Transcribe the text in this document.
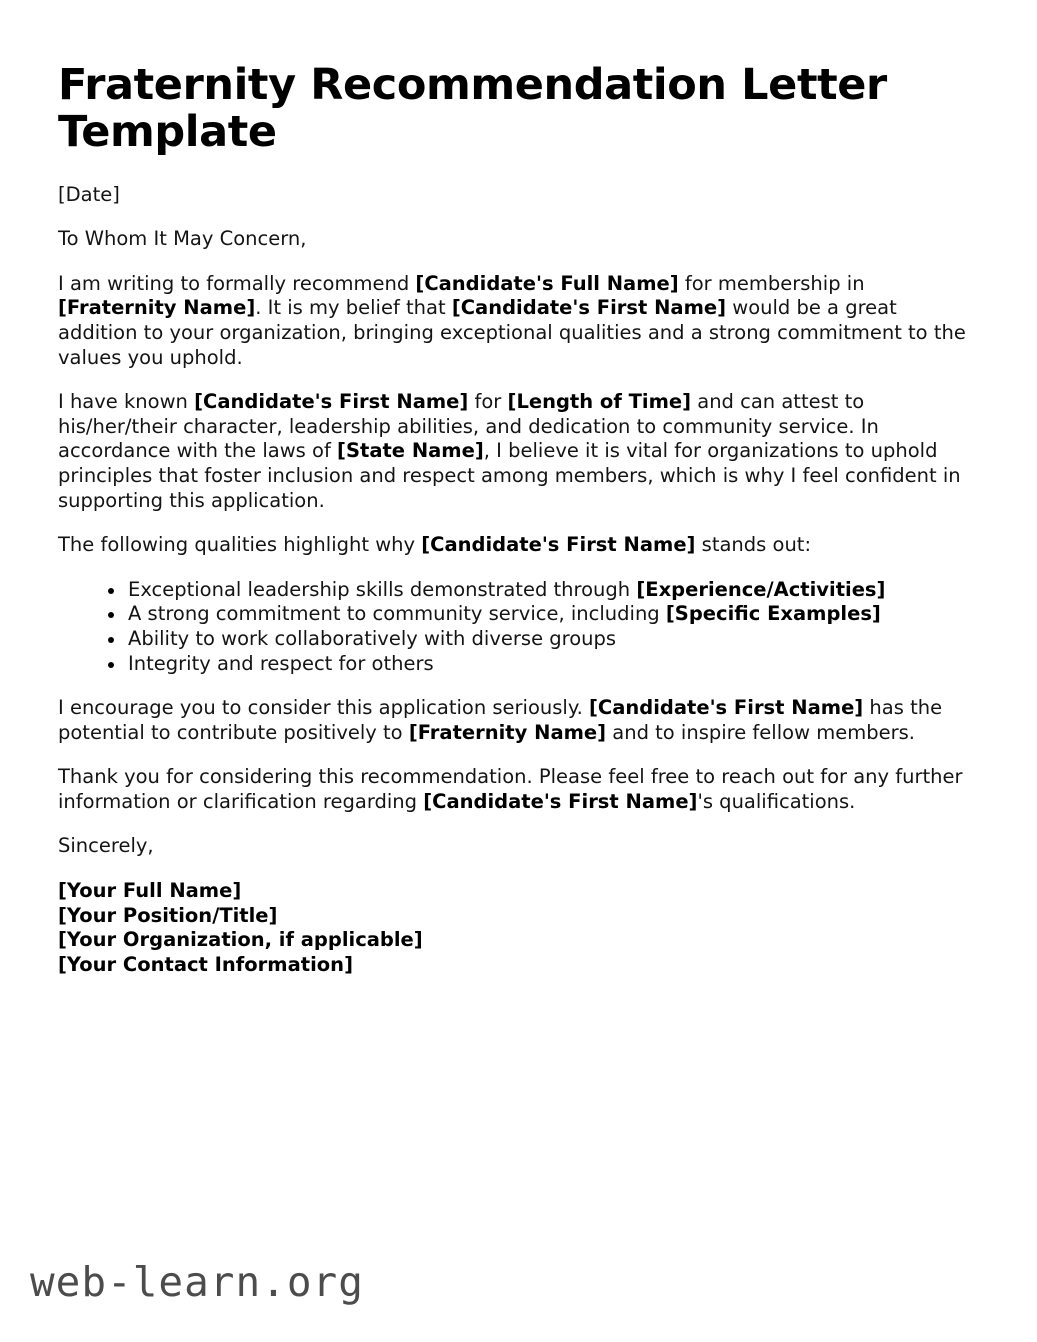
Fraternity Recommendation Letter Template

[Date]

To Whom It May Concern,

I am writing to formally recommend [Candidate's Full Name] for membership in [Fraternity Name]. It is my belief that [Candidate's First Name] would be a great addition to your organization, bringing exceptional qualities and a strong commitment to the values you uphold.

I have known [Candidate's First Name] for [Length of Time] and can attest to his/her/their character, leadership abilities, and dedication to community service. In accordance with the laws of [State Name], I believe it is vital for organizations to uphold principles that foster inclusion and respect among members, which is why I feel confident in supporting this application.

The following qualities highlight why [Candidate's First Name] stands out:

Exceptional leadership skills demonstrated through [Experience/Activities]
A strong commitment to community service, including [Specific Examples]
Ability to work collaboratively with diverse groups
Integrity and respect for others

I encourage you to consider this application seriously. [Candidate's First Name] has the potential to contribute positively to [Fraternity Name] and to inspire fellow members.

Thank you for considering this recommendation. Please feel free to reach out for any further information or clarification regarding [Candidate's First Name]'s qualifications.

Sincerely,

[Your Full Name]
[Your Position/Title]
[Your Organization, if applicable]
[Your Contact Information]
web-learn.org
